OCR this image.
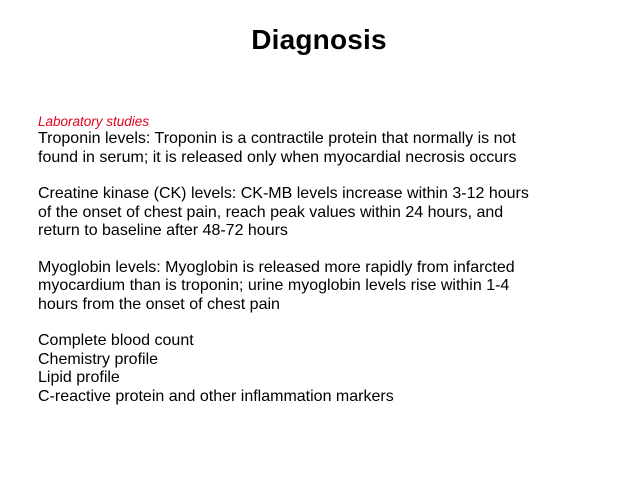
Diagnosis
Laboratory studies
Troponin levels: Troponin is a contractile protein that normally is not
found in serum; it is released only when myocardial necrosis occurs
Creatine kinase (CK) levels: CK-MB levels increase within 3-12 hours
of the onset of chest pain, reach peak values within 24 hours, and
return to baseline after 48-72 hours
Myoglobin levels: Myoglobin is released more rapidly from infarcted
myocardium than is troponin; urine myoglobin levels rise within 1-4
hours from the onset of chest pain
Complete blood count
Chemistry profile
Lipid profile
C-reactive protein and other inflammation markers
